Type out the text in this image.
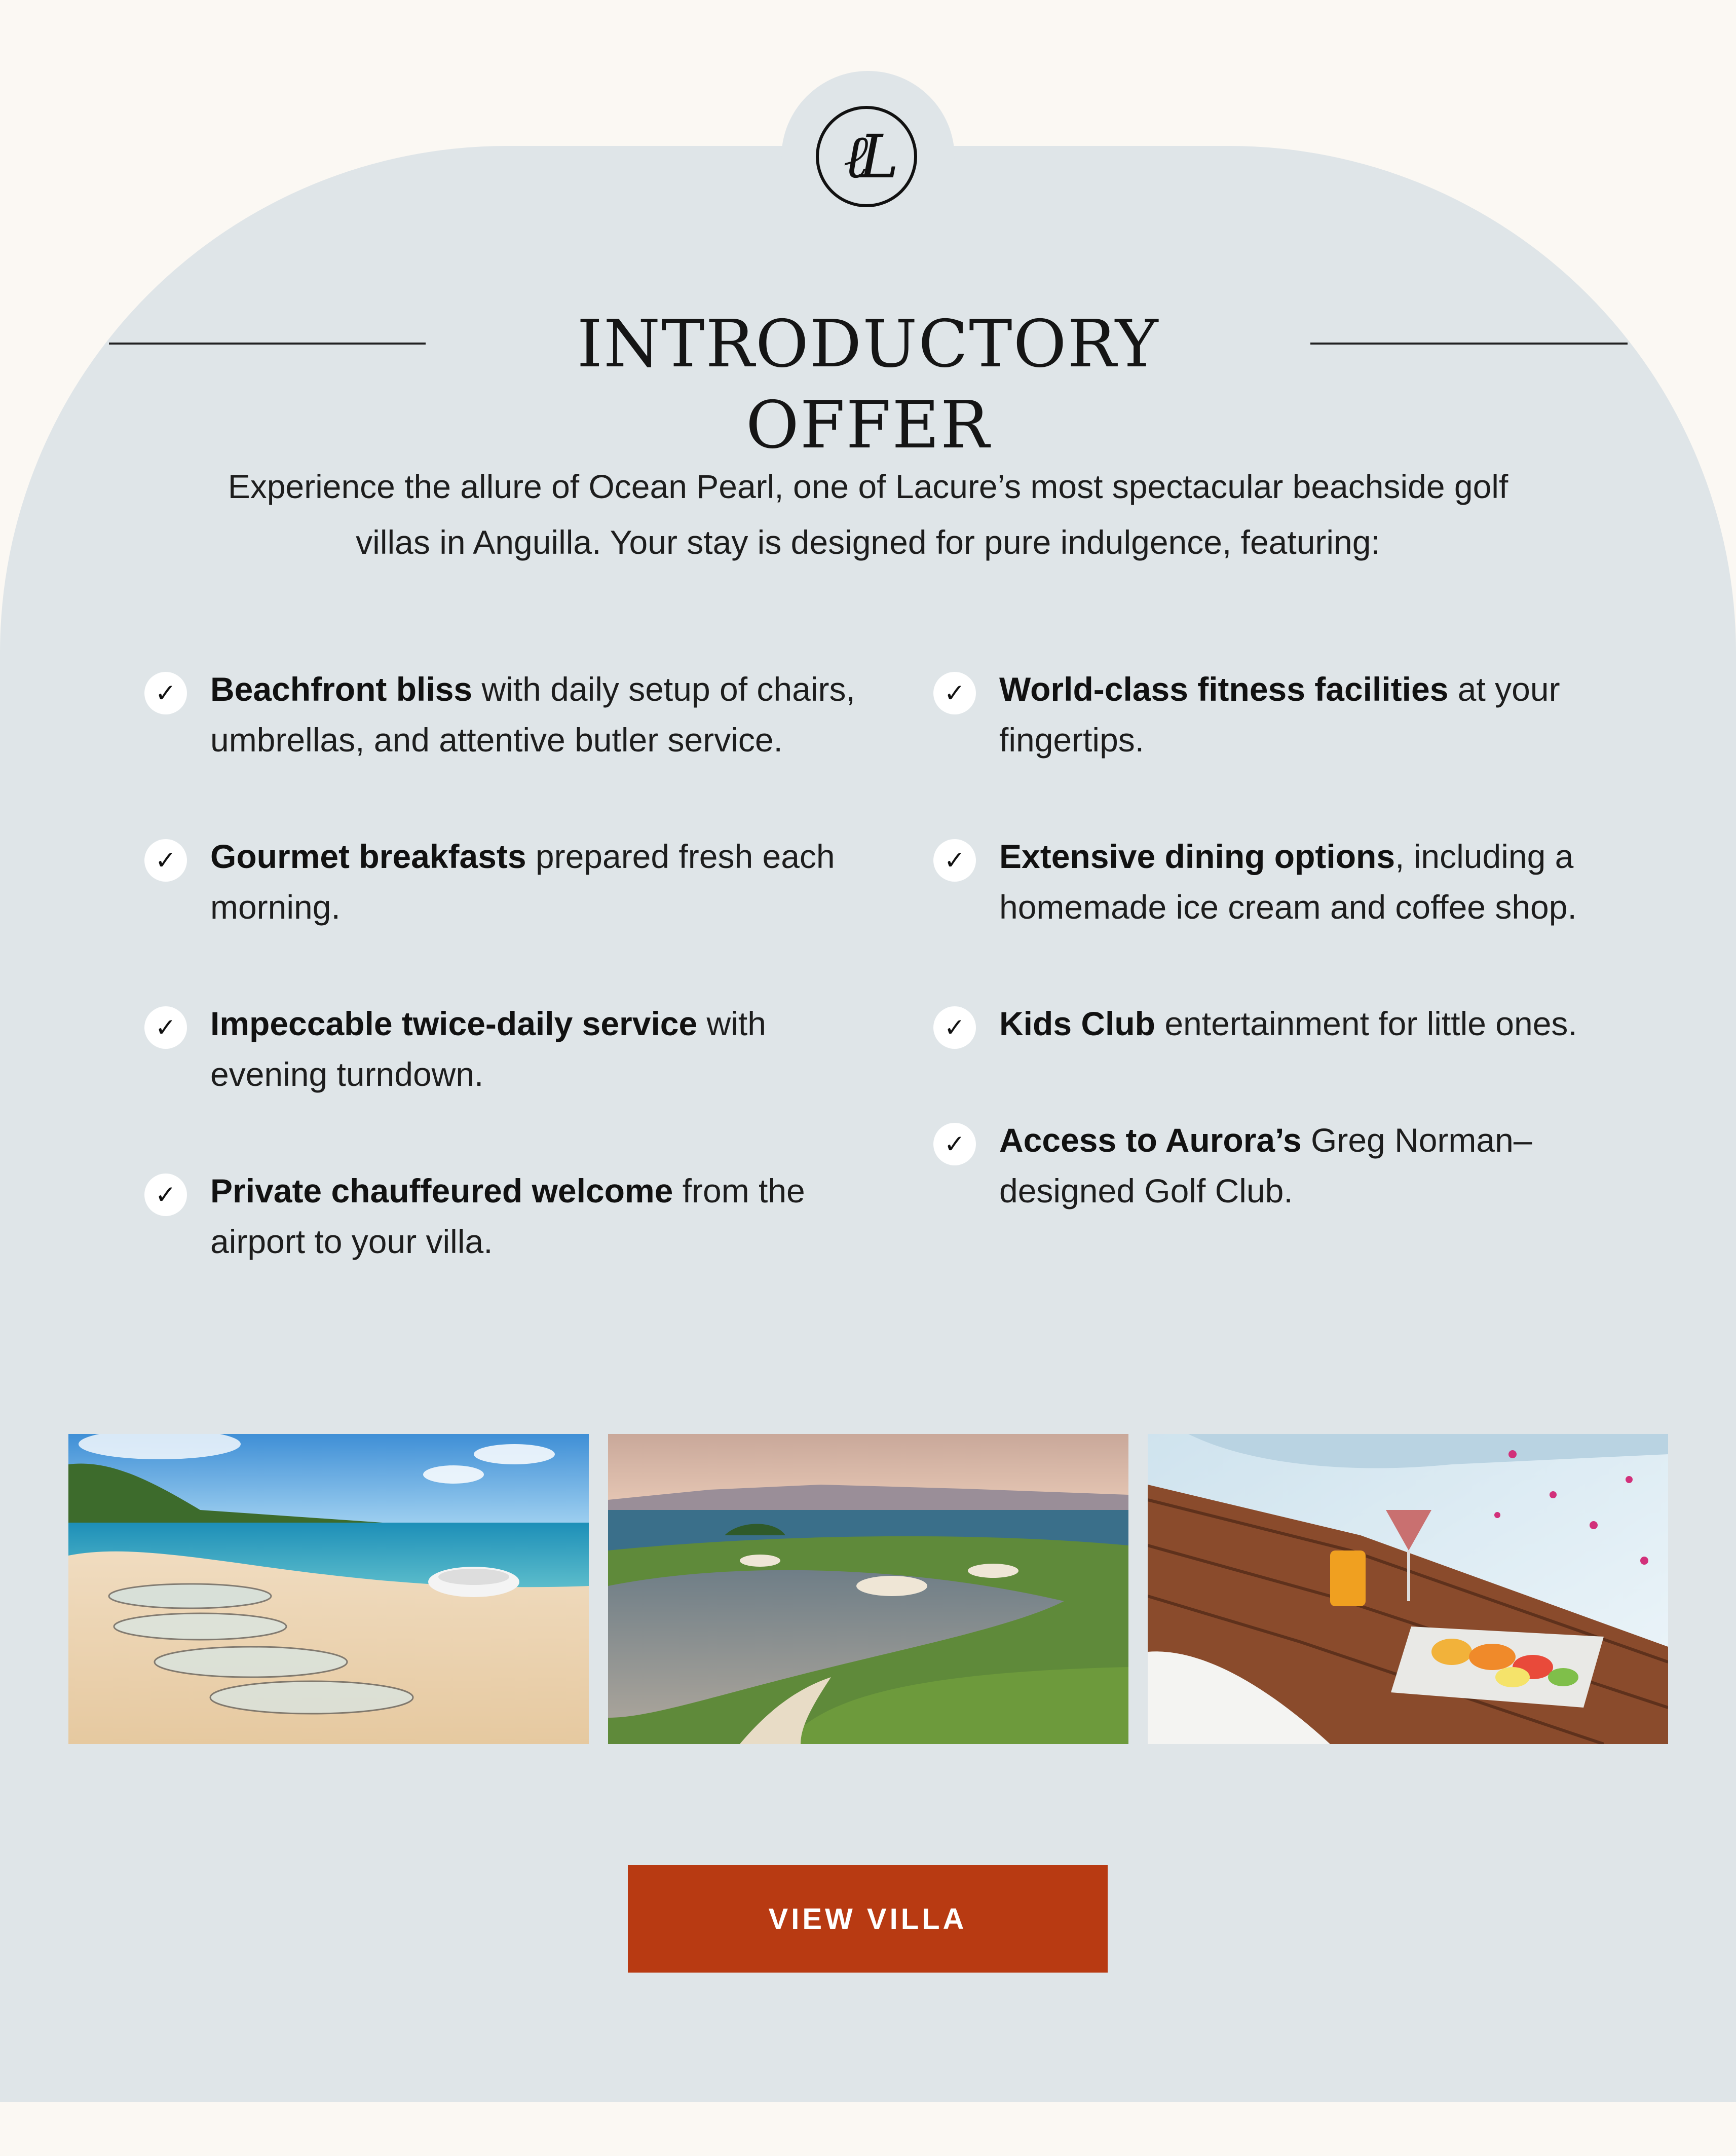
ℓL
INTRODUCTORY OFFER
Experience the allure of Ocean Pearl, one of Lacure’s most spectacular beachside golf villas in Anguilla. Your stay is designed for pure indulgence, featuring:
✓	Beachfront bliss with daily setup of chairs, umbrellas, and attentive butler service.
✓	Gourmet breakfasts prepared fresh each morning.
✓	Impeccable twice-daily service with evening turndown.
✓	Private chauffeured welcome from the airport to your villa.
✓	World-class fitness facilities at your fingertips.
✓	Extensive dining options, including a homemade ice cream and coffee shop.
✓	Kids Club entertainment for little ones.
✓	Access to Aurora’s Greg Norman–designed Golf Club.
VIEW VILLA
